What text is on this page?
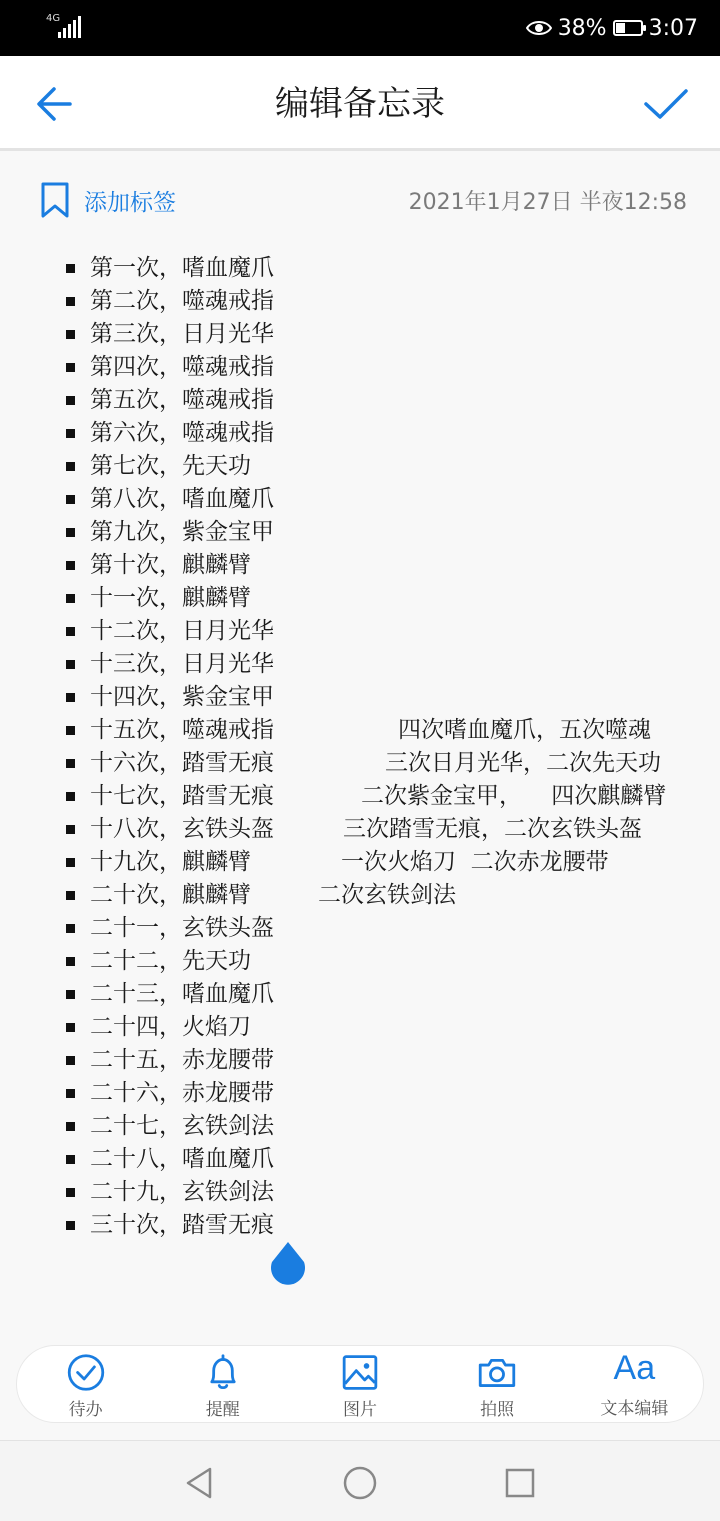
4G	38% 3:07
编辑备忘录
添加标签	2021年1月27日 半夜12:58
第一次，嗜血魔爪
第二次，噬魂戒指
第三次，日月光华
第四次，噬魂戒指
第五次，噬魂戒指
第六次，噬魂戒指
第七次，先天功
第八次，嗜血魔爪
第九次，紫金宝甲
第十次，麒麟臂
十一次，麒麟臂
十二次，日月光华
十三次，日月光华
十四次，紫金宝甲
十五次，噬魂戒指
十六次，踏雪无痕
十七次，踏雪无痕
十八次，玄铁头盔
十九次，麒麟臂
二十次，麒麟臂
二十一，玄铁头盔
二十二，先天功
二十三，嗜血魔爪
二十四，火焰刀
二十五，赤龙腰带
二十六，赤龙腰带
二十七，玄铁剑法
二十八，嗜血魔爪
二十九，玄铁剑法
三十次，踏雪无痕
四次嗜血魔爪，五次噬魂
三次日月光华，二次先天功
二次紫金宝甲，    四次麒麟臂
三次踏雪无痕，二次玄铁头盔
一次火焰刀  二次赤龙腰带
二次玄铁剑法
待办	提醒	图片	拍照
Aa
文本编辑
